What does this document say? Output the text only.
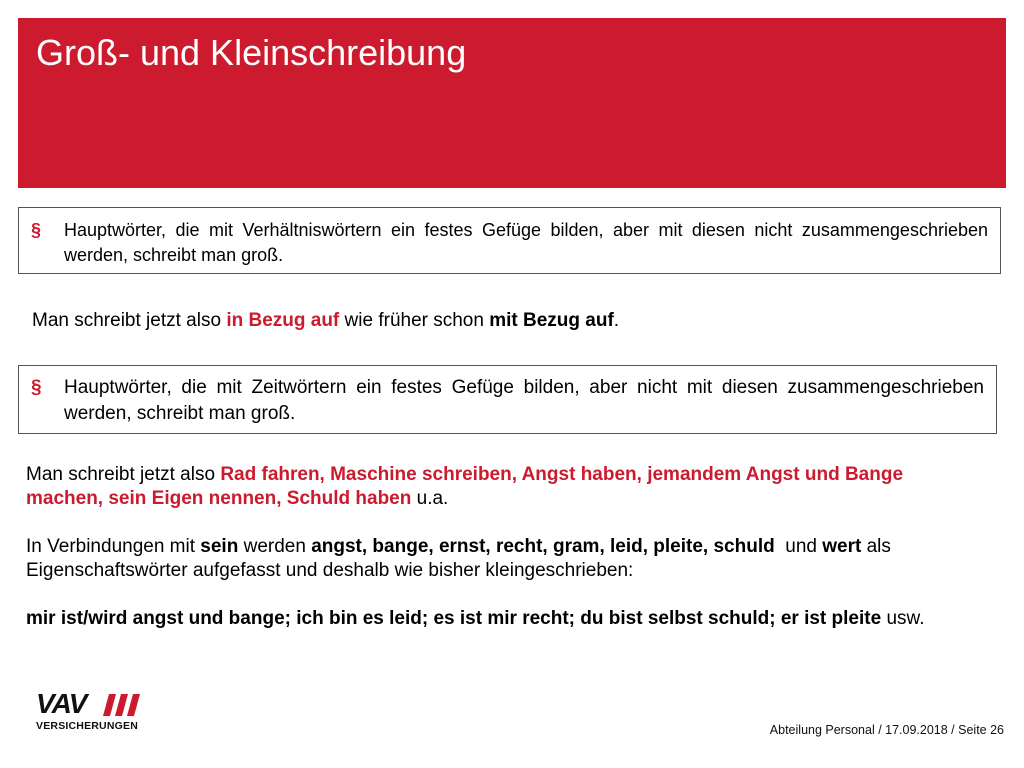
Groß- und Kleinschreibung
§	Hauptwörter, die mit Verhältniswörtern ein festes Gefüge bilden, aber mit diesen nicht zusammengeschrieben werden, schreibt man groß.
Man schreibt jetzt also in Bezug auf wie früher schon mit Bezug auf.
§	Hauptwörter, die mit Zeitwörtern ein festes Gefüge bilden, aber nicht mit diesen zusammengeschrieben werden, schreibt man groß.
Man schreibt jetzt also Rad fahren, Maschine schreiben, Angst haben, jemandem Angst und Bange machen, sein Eigen nennen, Schuld haben u.a.
In Verbindungen mit sein werden angst, bange, ernst, recht, gram, leid, pleite, schuld  und wert als Eigenschaftswörter aufgefasst und deshalb wie bisher kleingeschrieben:
mir ist/wird angst und bange; ich bin es leid; es ist mir recht; du bist selbst schuld; er ist pleite usw.
VAV
VERSICHERUNGEN	Abteilung Personal / 17.09.2018 / Seite 26
